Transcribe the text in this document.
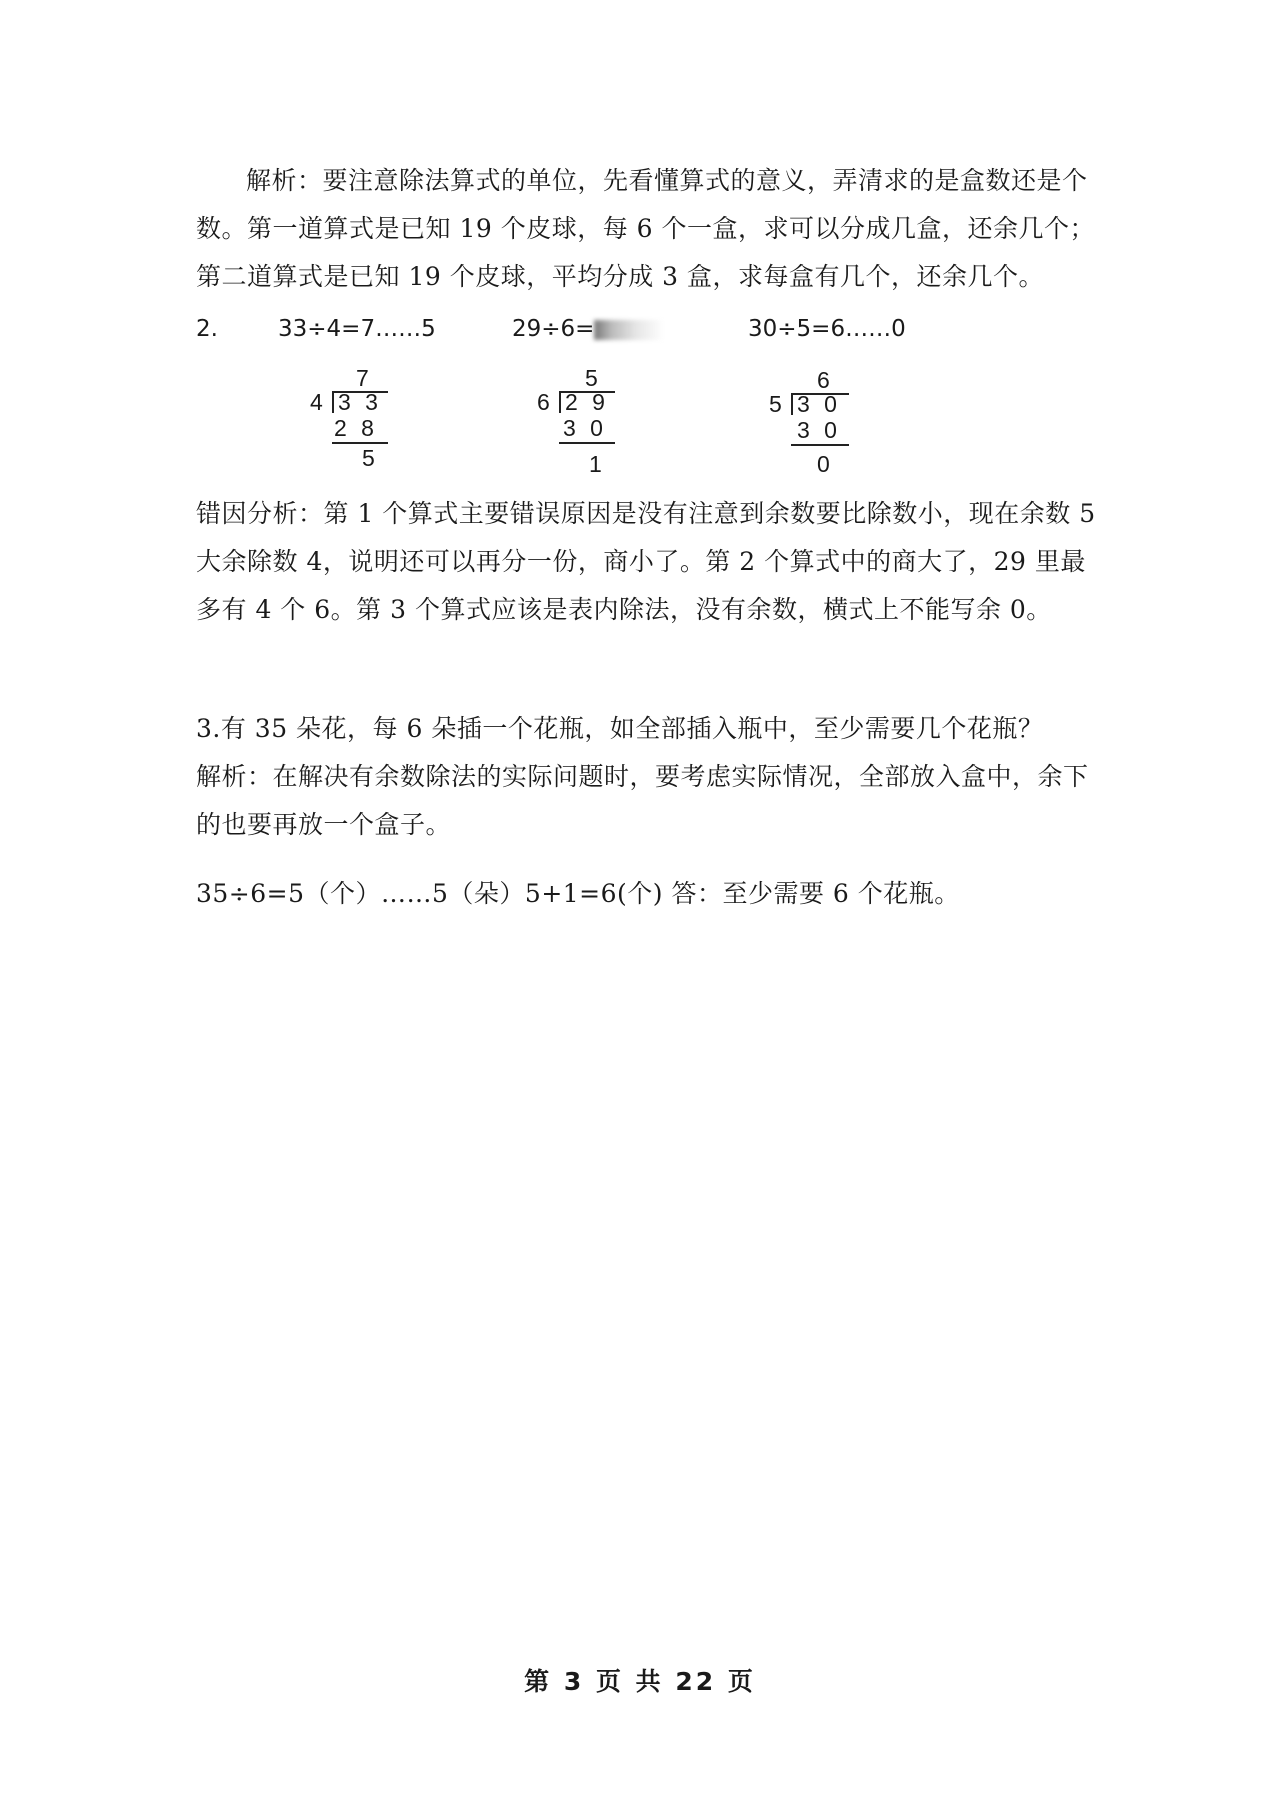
解析：要注意除法算式的单位，先看懂算式的意义，弄清求的是盒数还是个数。第一道算式是已知 19 个皮球，每 6 个一盒，求可以分成几盒，还余几个；第二道算式是已知 19 个皮球，平均分成 3 盒，求每盒有几个，还余几个。
2.	33÷4=7……5	29÷6=	30÷5=6……0
7
4 3 3
2 8
5
5
6 2 9
3 0
1
6
5 3 0
3 0
0
错因分析：第 1 个算式主要错误原因是没有注意到余数要比除数小，现在余数 5 大余除数 4，说明还可以再分一份，商小了。第 2 个算式中的商大了，29 里最多有 4 个 6。第 3 个算式应该是表内除法，没有余数，横式上不能写余 0。
3.有 35 朵花，每 6 朵插一个花瓶，如全部插入瓶中，至少需要几个花瓶？
解析：在解决有余数除法的实际问题时，要考虑实际情况，全部放入盒中，余下的也要再放一个盒子。
35÷6=5（个）……5（朵）5+1=6(个) 答：至少需要 6 个花瓶。
第 3 页 共 22 页
